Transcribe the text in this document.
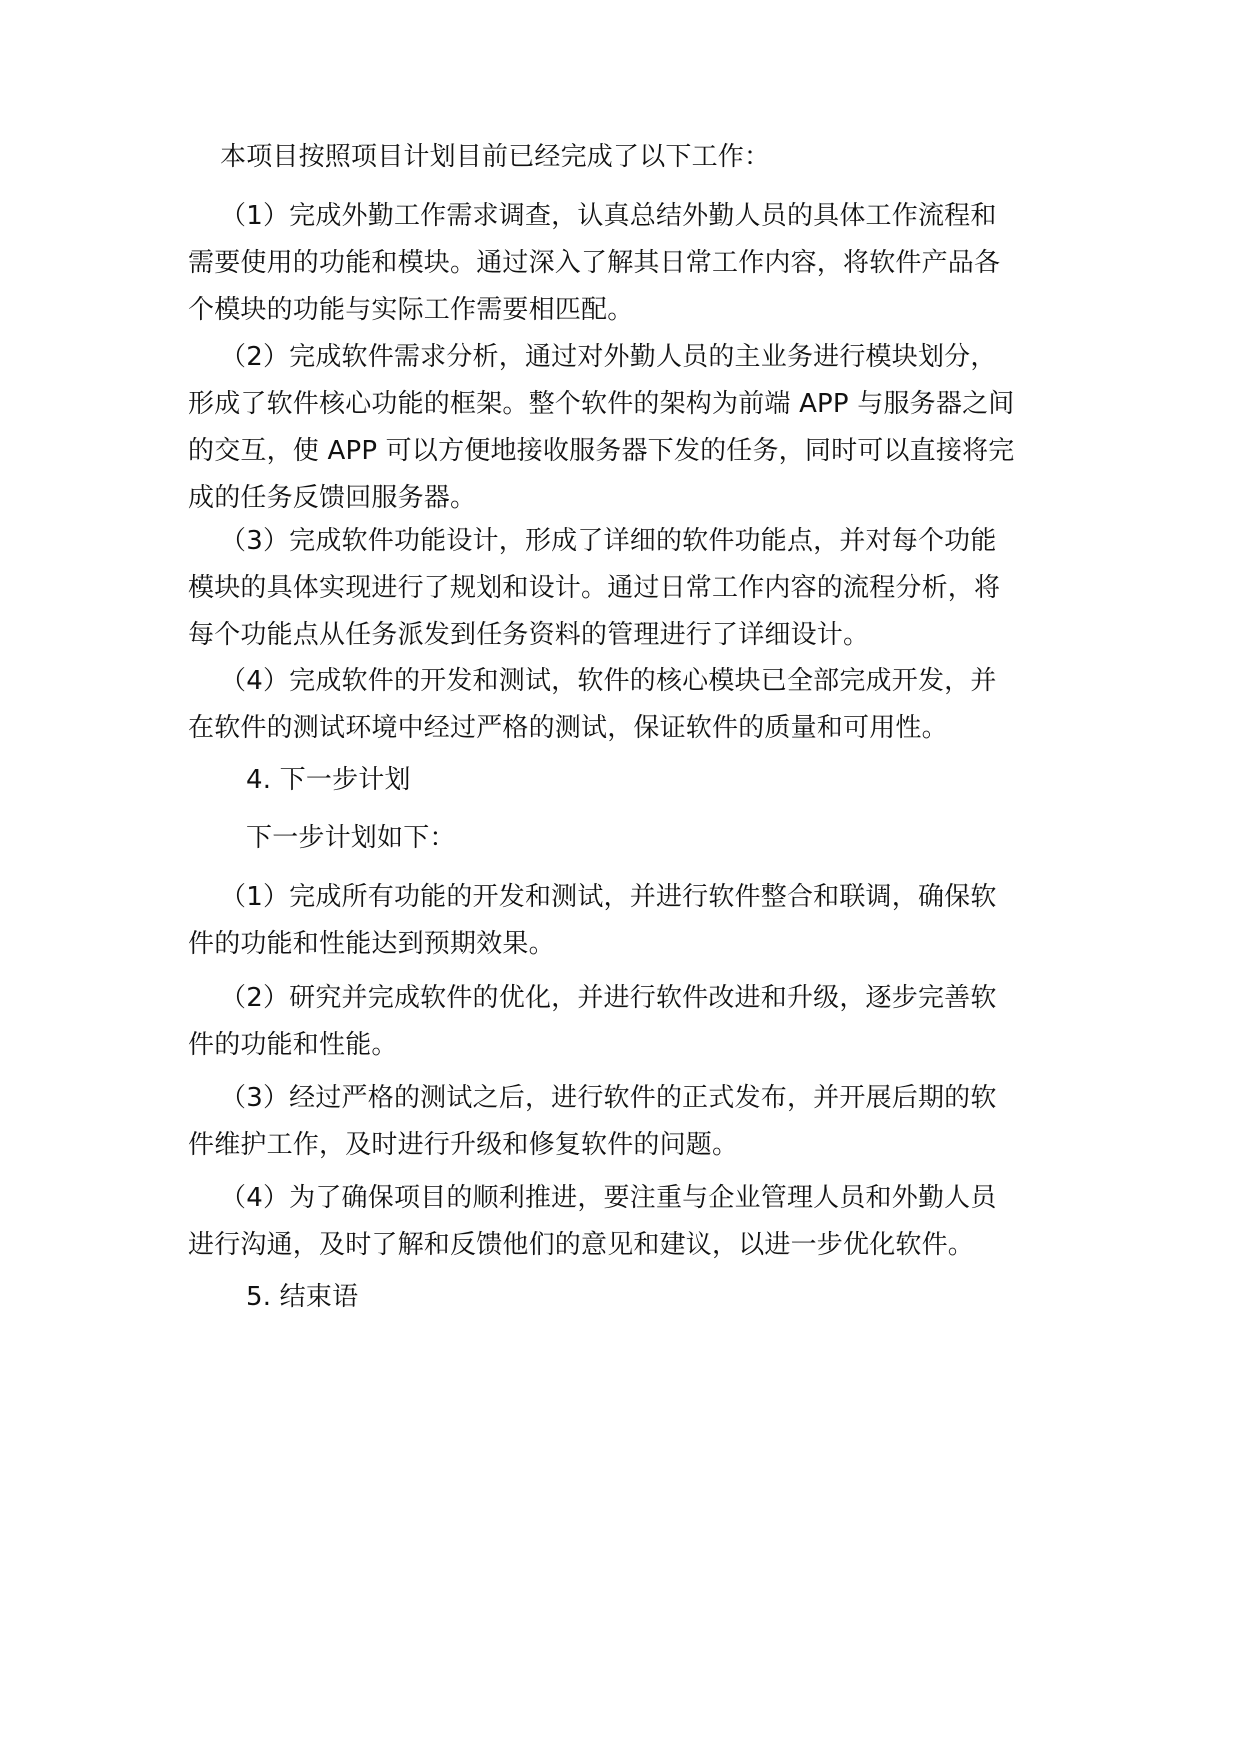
本项目按照项目计划目前已经完成了以下工作：
（1）完成外勤工作需求调查，认真总结外勤人员的具体工作流程和
需要使用的功能和模块。通过深入了解其日常工作内容，将软件产品各
个模块的功能与实际工作需要相匹配。
（2）完成软件需求分析，通过对外勤人员的主业务进行模块划分，
形成了软件核心功能的框架。整个软件的架构为前端 APP 与服务器之间
的交互，使 APP 可以方便地接收服务器下发的任务，同时可以直接将完
成的任务反馈回服务器。
（3）完成软件功能设计，形成了详细的软件功能点，并对每个功能
模块的具体实现进行了规划和设计。通过日常工作内容的流程分析，将
每个功能点从任务派发到任务资料的管理进行了详细设计。
（4）完成软件的开发和测试，软件的核心模块已全部完成开发，并
在软件的测试环境中经过严格的测试，保证软件的质量和可用性。
4. 下一步计划
下一步计划如下：
（1）完成所有功能的开发和测试，并进行软件整合和联调，确保软
件的功能和性能达到预期效果。
（2）研究并完成软件的优化，并进行软件改进和升级，逐步完善软
件的功能和性能。
（3）经过严格的测试之后，进行软件的正式发布，并开展后期的软
件维护工作，及时进行升级和修复软件的问题。
（4）为了确保项目的顺利推进，要注重与企业管理人员和外勤人员
进行沟通，及时了解和反馈他们的意见和建议，以进一步优化软件。
5. 结束语
